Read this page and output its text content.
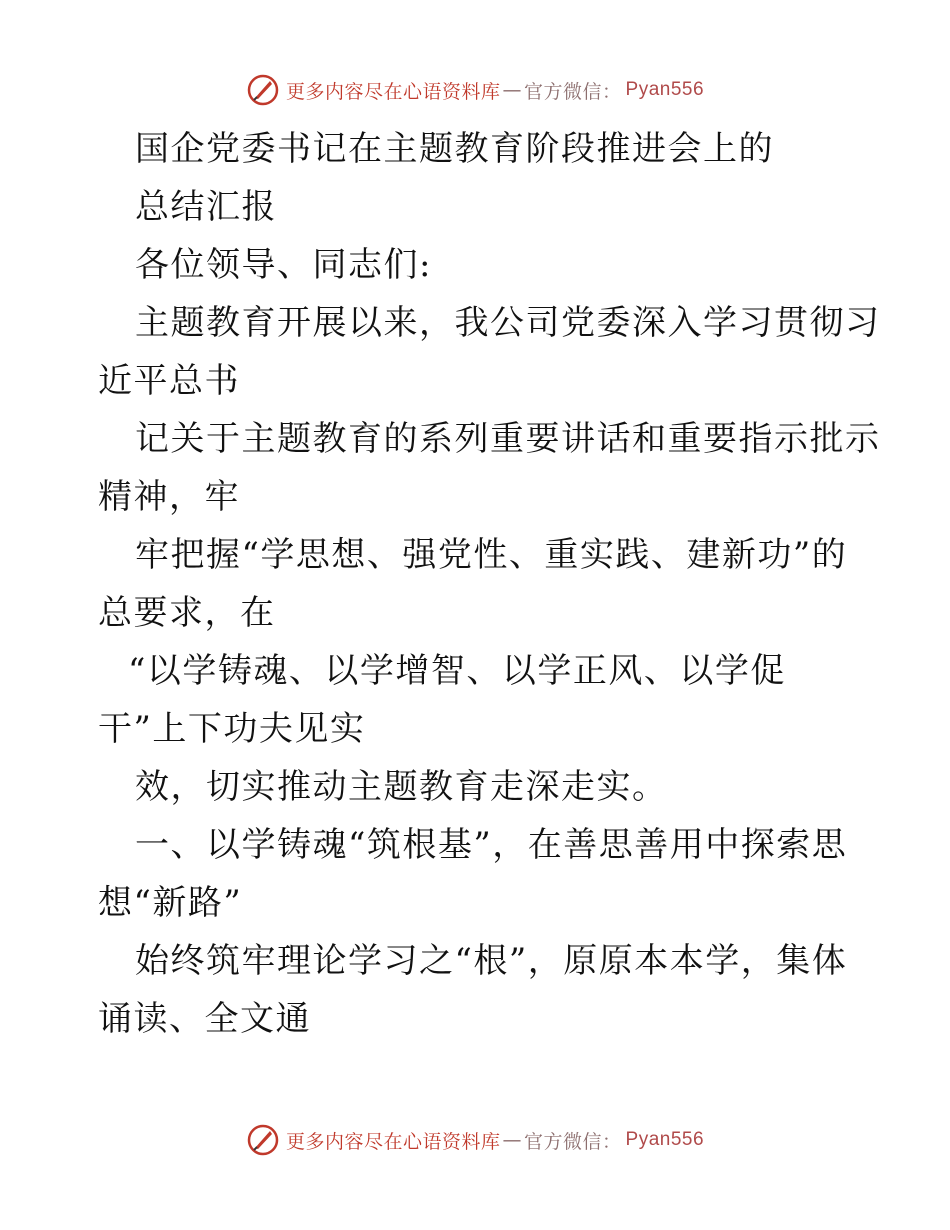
更多内容尽在心语资料库 — 官方微信 ： Pyan556
国企党委书记在主题教育阶段推进会上的
总结汇报
各位领导、同志们:
主题教育开展以来，我公司党委深入学习贯彻习
近平总书
记关于主题教育的系列重要讲话和重要指示批示
精神，牢
牢把握“学思想、强党性、重实践、建新功”的
总要求，在
“以学铸魂、以学增智、以学正风、以学促
干”上下功夫见实
效，切实推动主题教育走深走实。
一、以学铸魂“筑根基”，在善思善用中探索思
想“新路”
始终筑牢理论学习之“根”，原原本本学，集体
诵读、全文通
更多内容尽在心语资料库 — 官方微信 ： Pyan556
